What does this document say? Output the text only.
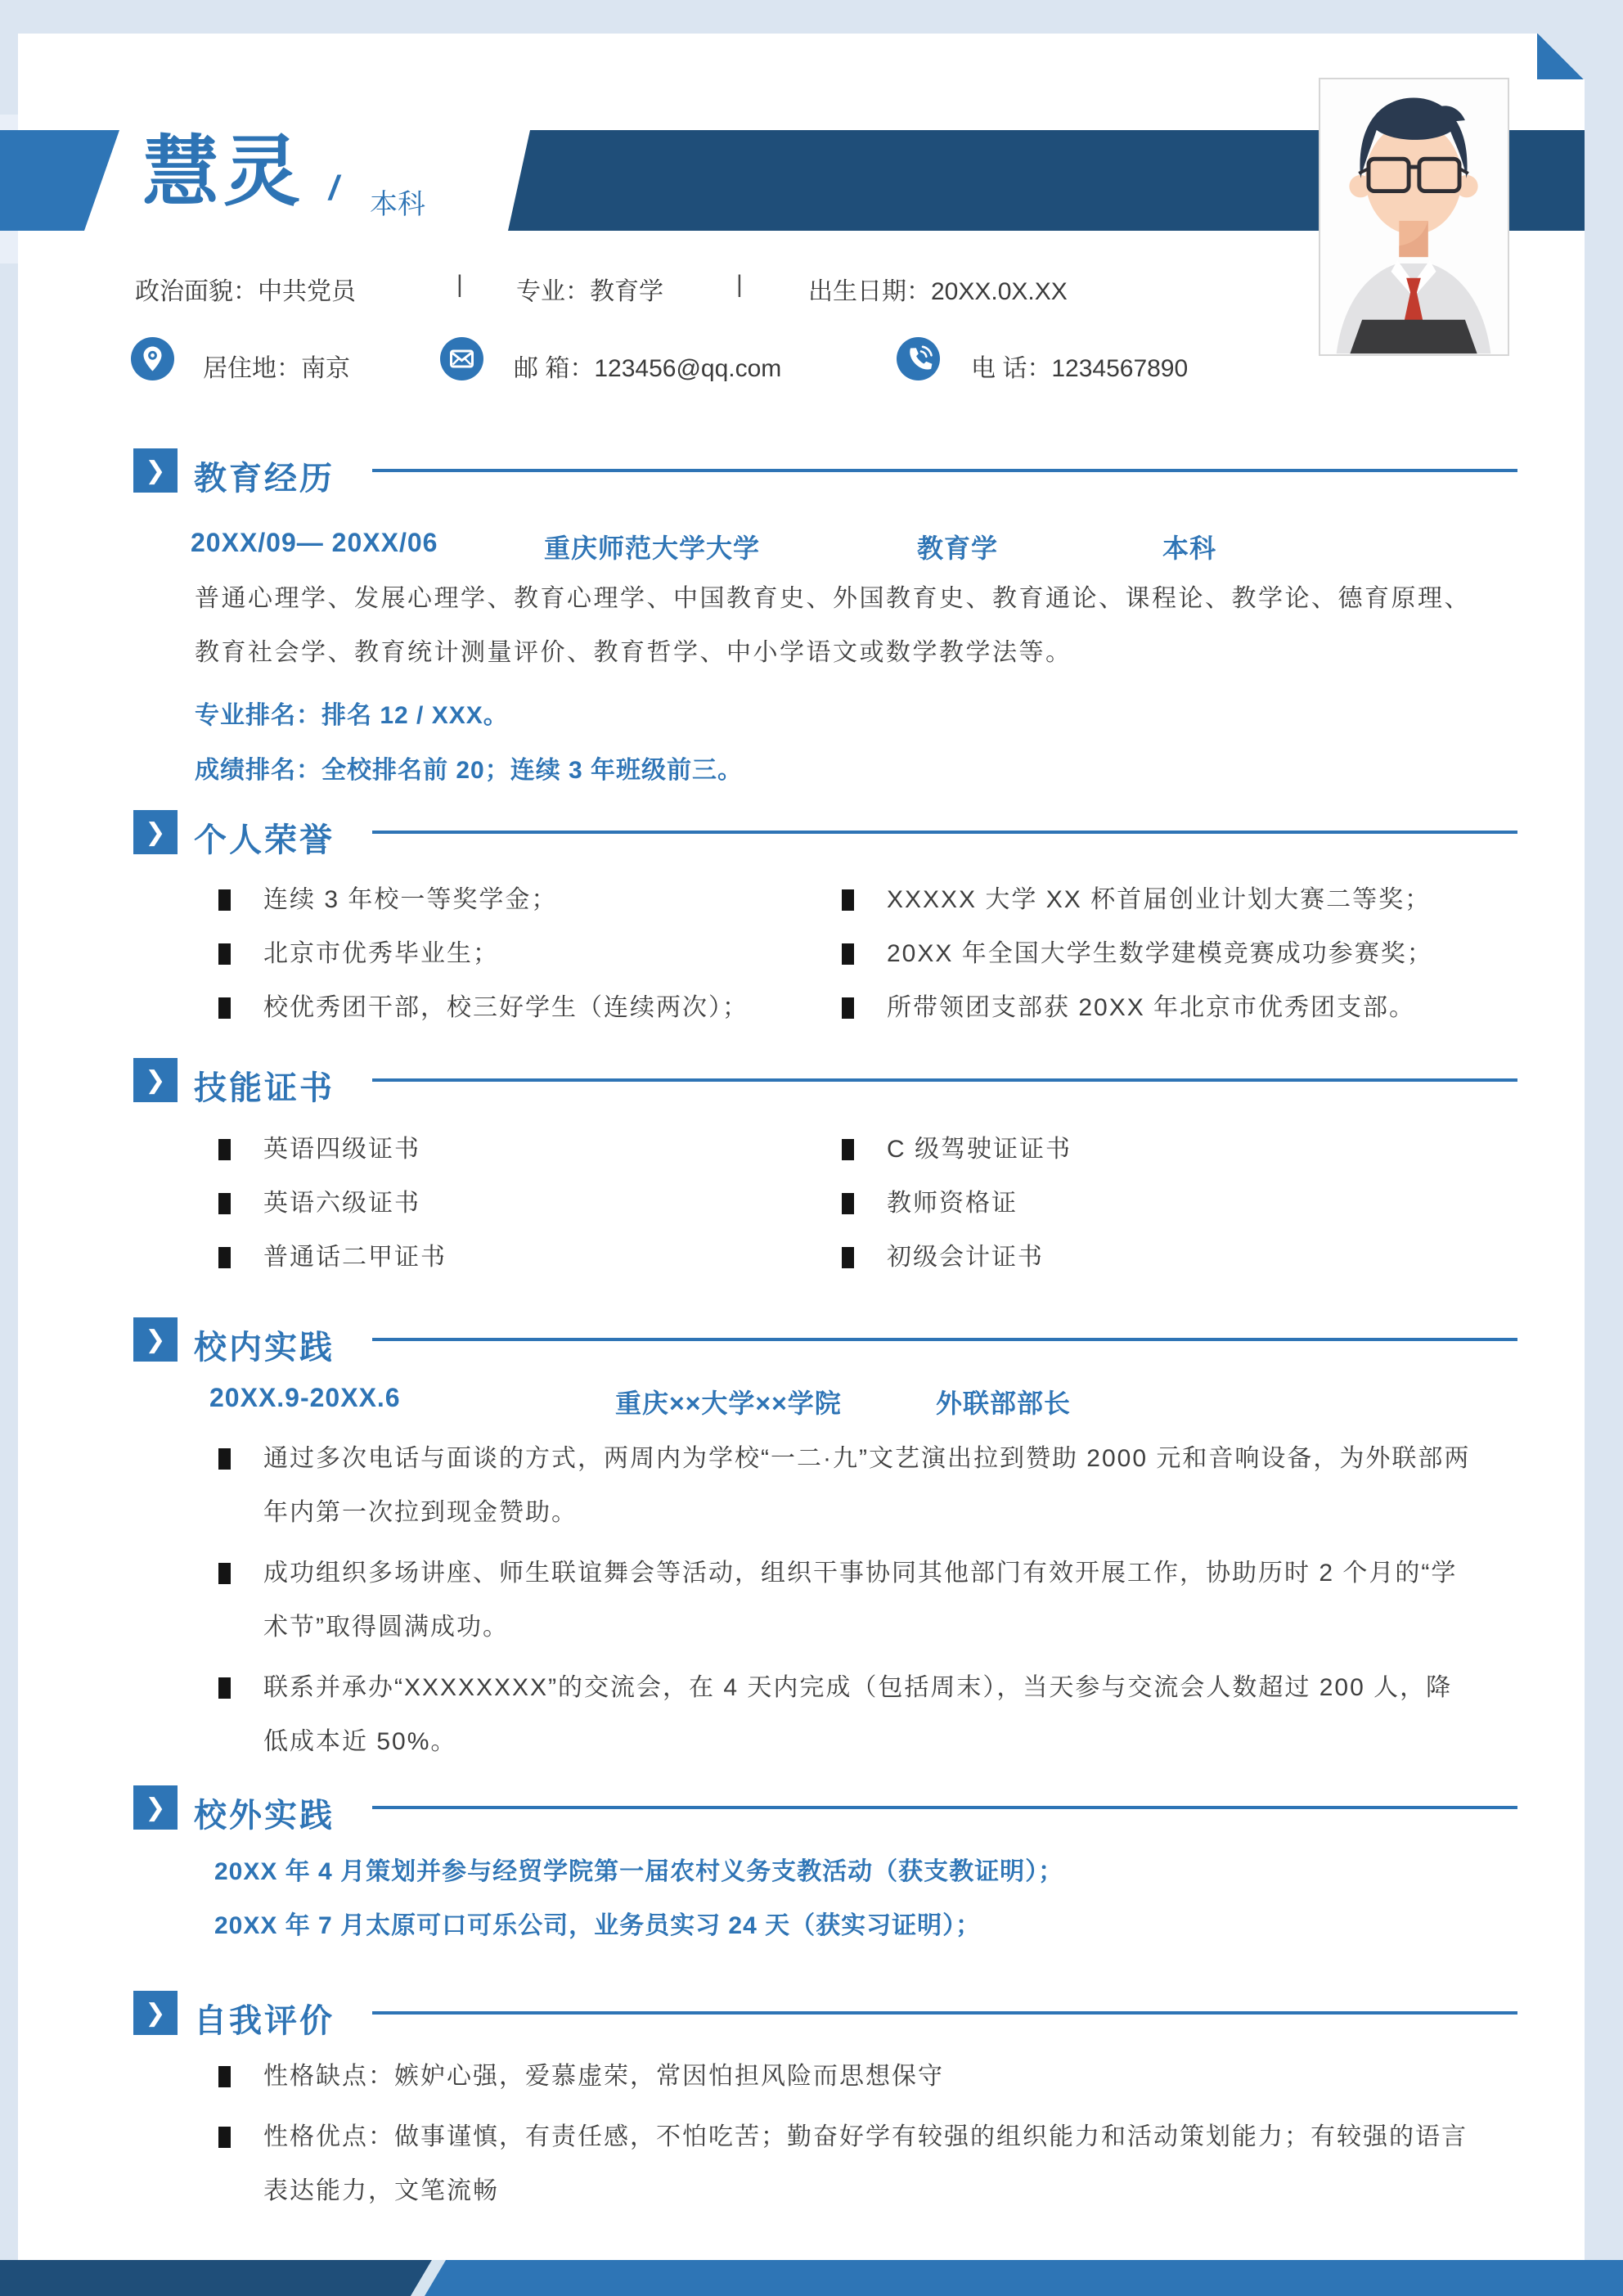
慧灵 / 本科
政治面貌：中共党员	| 专业：教育学	|	出生日期：20XX.0X.XX
居住地：南京	邮 箱：123456@qq.com	电 话：1234567890
❯ 教育经历
20XX/09— 20XX/06	重庆师范大学大学	教育学	本科
普通心理学、发展心理学、教育心理学、中国教育史、外国教育史、教育通论、课程论、教学论、德育原理、教育社会学、教育统计测量评价、教育哲学、中小学语文或数学教学法等。
专业排名：排名 12 / XXX。
成绩排名：全校排名前 20；连续 3 年班级前三。
❯ 个人荣誉
连续 3 年校一等奖学金；
北京市优秀毕业生；
校优秀团干部，校三好学生（连续两次）；
XXXXX 大学 XX 杯首届创业计划大赛二等奖；
20XX 年全国大学生数学建模竞赛成功参赛奖；
所带领团支部获 20XX 年北京市优秀团支部。
❯ 技能证书
英语四级证书
英语六级证书
普通话二甲证书
C 级驾驶证证书
教师资格证
初级会计证书
❯ 校内实践
20XX.9-20XX.6	重庆××大学××学院	外联部部长
通过多次电话与面谈的方式，两周内为学校“一二·九”文艺演出拉到赞助 2000 元和音响设备，为外联部两年内第一次拉到现金赞助。
成功组织多场讲座、师生联谊舞会等活动，组织干事协同其他部门有效开展工作，协助历时 2 个月的“学术节”取得圆满成功。
联系并承办“XXXXXXXX”的交流会，在 4 天内完成（包括周末），当天参与交流会人数超过 200 人，降低成本近 50%。
❯ 校外实践
20XX 年 4 月策划并参与经贸学院第一届农村义务支教活动（获支教证明）；
20XX 年 7 月太原可口可乐公司，业务员实习 24 天（获实习证明）；
❯ 自我评价
性格缺点：嫉妒心强，爱慕虚荣，常因怕担风险而思想保守
性格优点：做事谨慎，有责任感，不怕吃苦；勤奋好学有较强的组织能力和活动策划能力；有较强的语言表达能力，文笔流畅
